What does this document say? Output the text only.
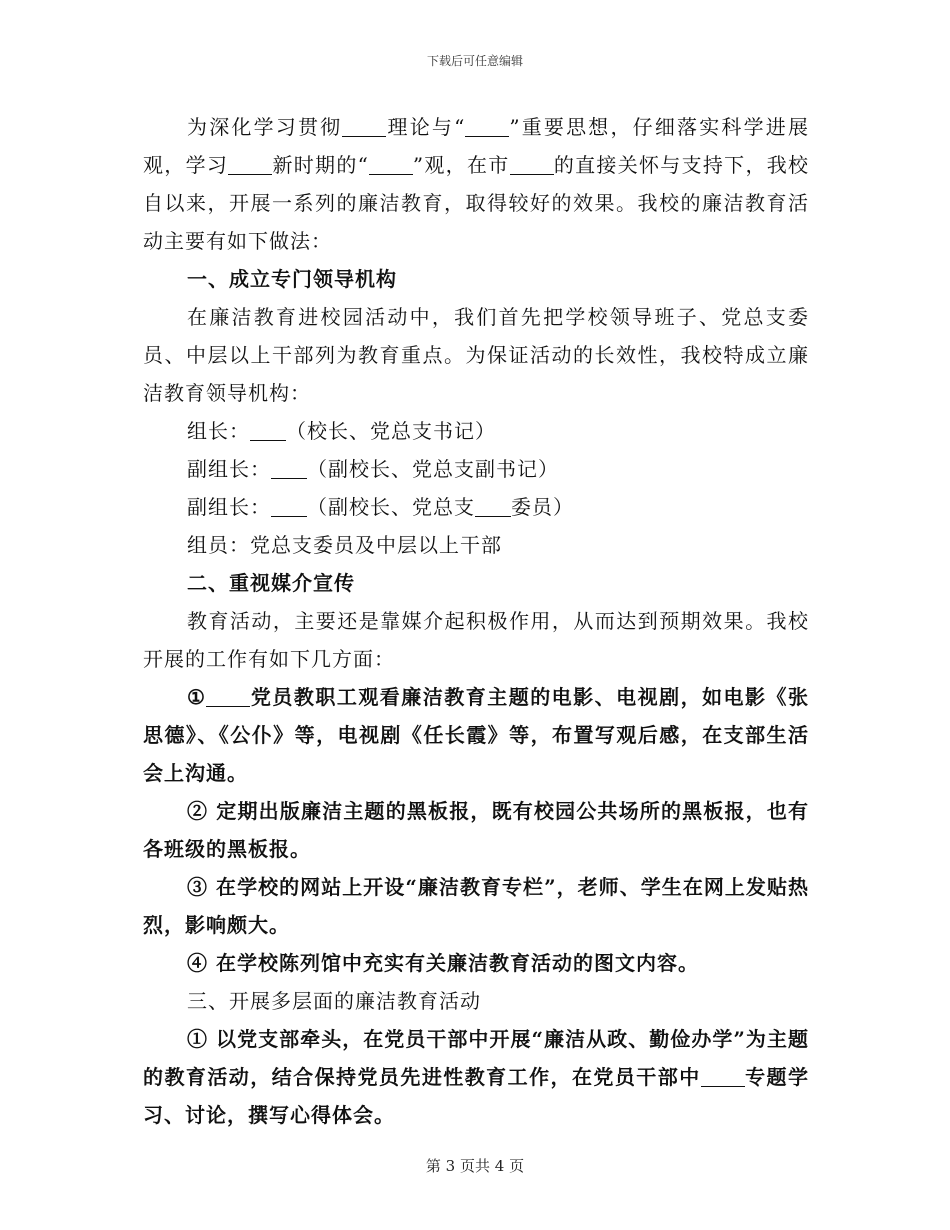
下载后可任意编辑

为深化学习贯彻 理论与“ ”重要思想，仔细落实科学进展观，学习 新时期的“ ”观，在市 的直接关怀与支持下，我校自以来，开展一系列的廉洁教育，取得较好的效果。我校的廉洁教育活动主要有如下做法：

一、成立专门领导机构

在廉洁教育进校园活动中，我们首先把学校领导班子、党总支委员、中层以上干部列为教育重点。为保证活动的长效性，我校特成立廉洁教育领导机构：

组长： （校长、党总支书记）

副组长： （副校长、党总支副书记）

副组长： （副校长、党总支 委员）

组员：党总支委员及中层以上干部

二、重视媒介宣传

教育活动，主要还是靠媒介起积极作用，从而达到预期效果。我校开展的工作有如下几方面：

① 党员教职工观看廉洁教育主题的电影、电视剧，如电影《张思德》、《公仆》等，电视剧《任长霞》等，布置写观后感，在支部生活会上沟通。

② 定期出版廉洁主题的黑板报，既有校园公共场所的黑板报，也有各班级的黑板报。

③ 在学校的网站上开设“廉洁教育专栏”，老师、学生在网上发贴热烈，影响颇大。

④ 在学校陈列馆中充实有关廉洁教育活动的图文内容。

三、开展多层面的廉洁教育活动

① 以党支部牵头，在党员干部中开展“廉洁从政、勤俭办学”为主题的教育活动，结合保持党员先进性教育工作，在党员干部中 专题学习、讨论，撰写心得体会。

第 3 页共 4 页
